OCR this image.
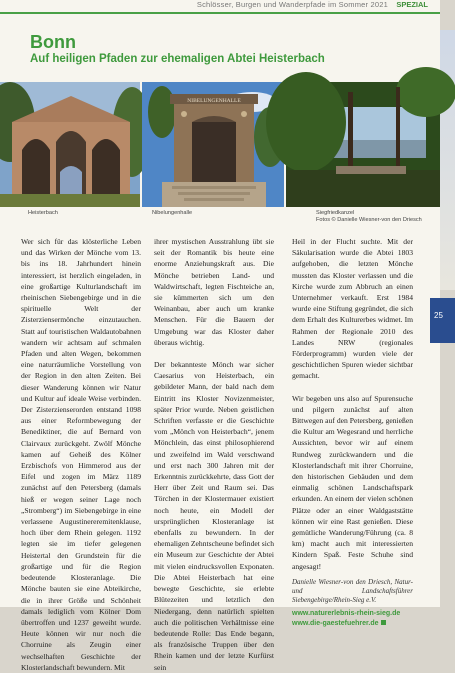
Schlösser, Burgen und Wanderpfade im Sommer 2021 SPEZIAL
Bonn
Auf heiligen Pfaden zur ehemaligen Abtei Heisterbach
Heisterbach
NIBELUNGENHALLE
Nibelungenhalle	Siegfriedkanzel
Fotos © Danielle Wiesner-von den Driesch

Wer sich für das klösterliche Leben und das Wirken der Mönche vom 13. bis ins 18. Jahrhundert hinein interessiert, ist herzlich eingeladen, in eine großartige Kulturlandschaft im rheinischen Siebengebirge und in die spirituelle Welt der Zisterziensermönche einzutauchen. Statt auf touristischen Waldautobahnen wandern wir achtsam auf schmalen Pfaden und alten Wegen, bekommen eine naturräumliche Vorstellung von der Region in den alten Zeiten. Bei dieser Wanderung können wir Natur und Kultur auf ideale Weise verbinden. Der Zisterzienserorden entstand 1098 aus einer Reformbewegung der Benediktiner, die auf Bernard von Clairvaux zurückgeht. Zwölf Mönche kamen auf Geheiß des Kölner Erzbischofs von Himmerod aus der Eifel und zogen im März 1189 zunächst auf den Petersberg (damals hieß er wegen seiner Lage noch „Stromberg“) im Siebengebirge in eine verlassene Augustinereremitenklause, hoch über dem Rhein gelegen. 1192 legten sie im tiefer gelegenen Heistertal den Grundstein für die großartige und für die Region bedeutende Klosteranlage. Die Mönche bauten sie eine Abteikirche, die in ihrer Größe und Schönheit damals lediglich vom Kölner Dom übertroffen und 1237 geweiht wurde. Heute können wir nur noch die Chorruine als Zeugin einer wechselhaften Geschichte der Klosterlandschaft bewundern. Mit

ihrer mystischen Ausstrahlung übt sie seit der Romantik bis heute eine enorme Anziehungskraft aus. Die Mönche betrieben Land- und Waldwirtschaft, legten Fischteiche an, sie kümmerten sich um den Weinanbau, aber auch um kranke Menschen. Für die Bauern der Umgebung war das Kloster daher überaus wichtig.

Der bekannteste Mönch war sicher Caesarius von Heisterbach, ein gebildeter Mann, der bald nach dem Eintritt ins Kloster Novizenmeister, später Prior wurde. Neben geistlichen Schriften verfasste er die Geschichte vom „Mönch von Heisterbach“, jenem Mönchlein, das einst philosophierend und zweifelnd im Wald verschwand und erst nach 300 Jahren mit der Erkenntnis zurückkehrte, dass Gott der Herr über Zeit und Raum sei. Das Törchen in der Klostermauer existiert noch heute, ein Modell der ursprünglichen Klosteranlage ist ebenfalls zu bewundern. In der ehemaligen Zehntscheune befindet sich ein Museum zur Geschichte der Abtei mit vielen eindrucksvollen Exponaten. Die Abtei Heisterbach hat eine bewegte Geschichte, sie erlebte Blütezeiten und letztlich den Niedergang, denn natürlich spielten auch die politischen Verhältnisse eine bedeutende Rolle: Das Ende begann, als französische Truppen über den Rhein kamen und der letzte Kurfürst sein

Heil in der Flucht suchte. Mit der Säkularisation wurde die Abtei 1803 aufgehoben, die letzten Mönche mussten das Kloster verlassen und die Kirche wurde zum Abbruch an einen Unternehmer verkauft. Erst 1984 wurde eine Stiftung gegründet, die sich dem Erhalt des Kulturerbes widmet. Im Rahmen der Regionale 2010 des Landes NRW (regionales Förderprogramm) wurden viele der geschichtlichen Spuren wieder sichtbar gemacht.

Wir begeben uns also auf Spurensuche und pilgern zunächst auf alten Bittwegen auf den Petersberg, genießen die Kultur am Wegesrand und herrliche Aussichten, bevor wir auf einem Rundweg zurückwandern und die Klosterlandschaft mit ihrer Chorruine, den historischen Gebäuden und dem einmalig schönen Landschaftspark erkunden. An einem der vielen schönen Plätze oder an einer Waldgaststätte können wir eine Rast genießen. Diese gemütliche Wanderung/Führung (ca. 8 km) macht auch mit interessierten Kindern Spaß. Feste Schuhe sind angesagt!

Danielle Wiesner-von den Driesch, Natur- und Landschaftsführer Siebengebirge/Rhein-Sieg e.V.
www.naturerlebnis-rhein-sieg.de
www.die-gaestefuehrer.de
25
